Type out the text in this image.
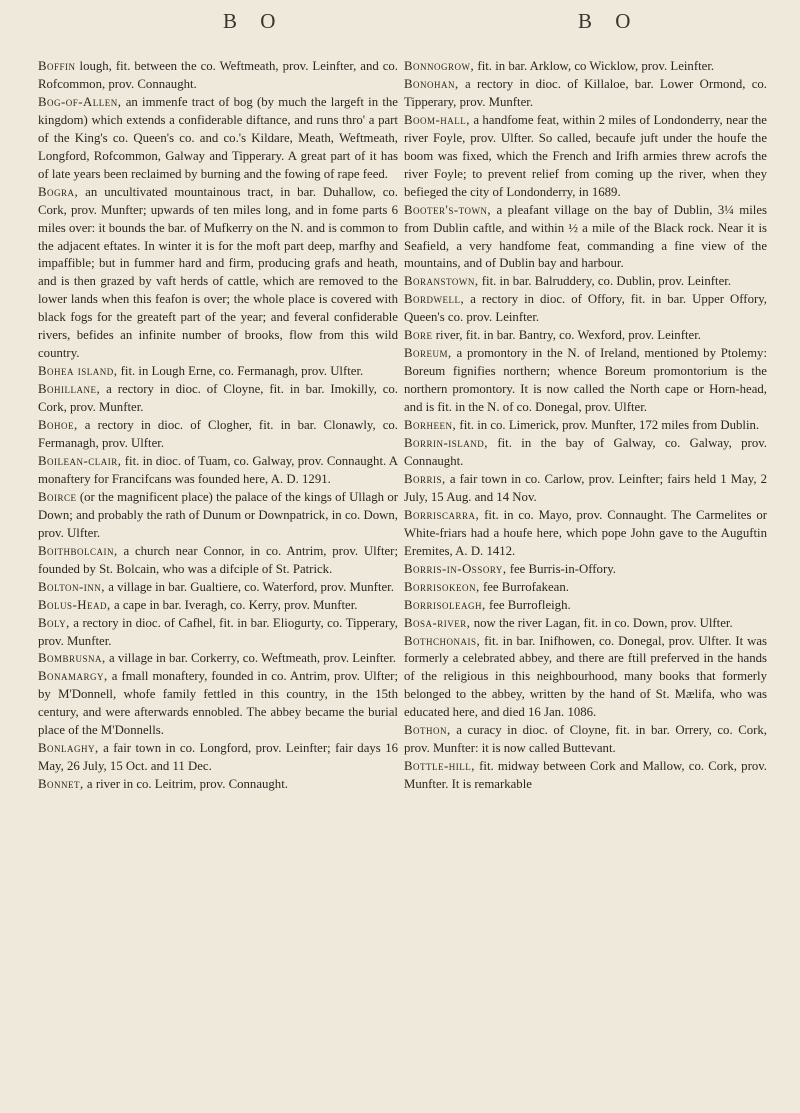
B O	B O

Boffin lough, fit. between the co. Weftmeath, prov. Leinfter, and co. Rofcommon, prov. Connaught.

Bog-of-Allen, an immenfe tract of bog (by much the largeft in the kingdom) which extends a confiderable diftance, and runs thro' a part of the King's co. Queen's co. and co.'s Kildare, Meath, Weftmeath, Longford, Rofcommon, Galway and Tipperary. A great part of it has of late years been reclaimed by burning and the fowing of rape feed.

Bogra, an uncultivated mountainous tract, in bar. Duhallow, co. Cork, prov. Munfter; upwards of ten miles long, and in fome parts 6 miles over: it bounds the bar. of Mufkerry on the N. and is common to the adjacent eftates. In winter it is for the moft part deep, marfhy and impaffible; but in fummer hard and firm, producing grafs and heath, and is then grazed by vaft herds of cattle, which are removed to the lower lands when this feafon is over; the whole place is covered with black fogs for the greateft part of the year; and feveral confiderable rivers, befides an infinite number of brooks, flow from this wild country.

Bohea island, fit. in Lough Erne, co. Fermanagh, prov. Ulfter.

Bohillane, a rectory in dioc. of Cloyne, fit. in bar. Imokilly, co. Cork, prov. Munfter.

Bohoe, a rectory in dioc. of Clogher, fit. in bar. Clonawly, co. Fermanagh, prov. Ulfter.

Boilean-clair, fit. in dioc. of Tuam, co. Galway, prov. Connaught. A monaftery for Francifcans was founded here, A. D. 1291.

Boirce (or the magnificent place) the palace of the kings of Ullagh or Down; and probably the rath of Dunum or Downpatrick, in co. Down, prov. Ulfter.

Boithbolcain, a church near Connor, in co. Antrim, prov. Ulfter; founded by St. Bolcain, who was a difciple of St. Patrick.

Bolton-inn, a village in bar. Gualtiere, co. Waterford, prov. Munfter.

Bolus-Head, a cape in bar. Iveragh, co. Kerry, prov. Munfter.

Boly, a rectory in dioc. of Cafhel, fit. in bar. Eliogurty, co. Tipperary, prov. Munfter.

Bombrusna, a village in bar. Corkerry, co. Weftmeath, prov. Leinfter.

Bonamargy, a fmall monaftery, founded in co. Antrim, prov. Ulfter; by M'Donnell, whofe family fettled in this country, in the 15th century, and were afterwards ennobled. The abbey became the burial place of the M'Donnells.

Bonlaghy, a fair town in co. Longford, prov. Leinfter; fair days 16 May, 26 July, 15 Oct. and 11 Dec.

Bonnet, a river in co. Leitrim, prov. Connaught.

Bonnogrow, fit. in bar. Arklow, co Wicklow, prov. Leinfter.

Bonohan, a rectory in dioc. of Killaloe, bar. Lower Ormond, co. Tipperary, prov. Munfter.

Boom-hall, a handfome feat, within 2 miles of Londonderry, near the river Foyle, prov. Ulfter. So called, becaufe juft under the houfe the boom was fixed, which the French and Irifh armies threw acrofs the river Foyle; to prevent relief from coming up the river, when they befieged the city of Londonderry, in 1689.

Booter's-town, a pleafant village on the bay of Dublin, 3¼ miles from Dublin caftle, and within ½ a mile of the Black rock. Near it is Seafield, a very handfome feat, commanding a fine view of the mountains, and of Dublin bay and harbour.

Boranstown, fit. in bar. Balruddery, co. Dublin, prov. Leinfter.

Bordwell, a rectory in dioc. of Offory, fit. in bar. Upper Offory, Queen's co. prov. Leinfter.

Bore river, fit. in bar. Bantry, co. Wexford, prov. Leinfter.

Boreum, a promontory in the N. of Ireland, mentioned by Ptolemy: Boreum fignifies northern; whence Boreum promontorium is the northern promontory. It is now called the North cape or Horn-head, and is fit. in the N. of co. Donegal, prov. Ulfter.

Borheen, fit. in co. Limerick, prov. Munfter, 172 miles from Dublin.

Borrin-island, fit. in the bay of Galway, co. Galway, prov. Connaught.

Borris, a fair town in co. Carlow, prov. Leinfter; fairs held 1 May, 2 July, 15 Aug. and 14 Nov.

Borriscarra, fit. in co. Mayo, prov. Connaught. The Carmelites or White-friars had a houfe here, which pope John gave to the Auguftin Eremites, A. D. 1412.

Borris-in-Ossory, fee Burris-in-Offory.

Borrisokeon, fee Burrofakean.

Borrisoleagh, fee Burrofleigh.

Bosa-river, now the river Lagan, fit. in co. Down, prov. Ulfter.

Bothchonais, fit. in bar. Inifhowen, co. Donegal, prov. Ulfter. It was formerly a celebrated abbey, and there are ftill preferved in the hands of the religious in this neighbourhood, many books that formerly belonged to the abbey, written by the hand of St. Mælifa, who was educated here, and died 16 Jan. 1086.

Bothon, a curacy in dioc. of Cloyne, fit. in bar. Orrery, co. Cork, prov. Munfter: it is now called Buttevant.

Bottle-hill, fit. midway between Cork and Mallow, co. Cork, prov. Munfter. It is remarkable
